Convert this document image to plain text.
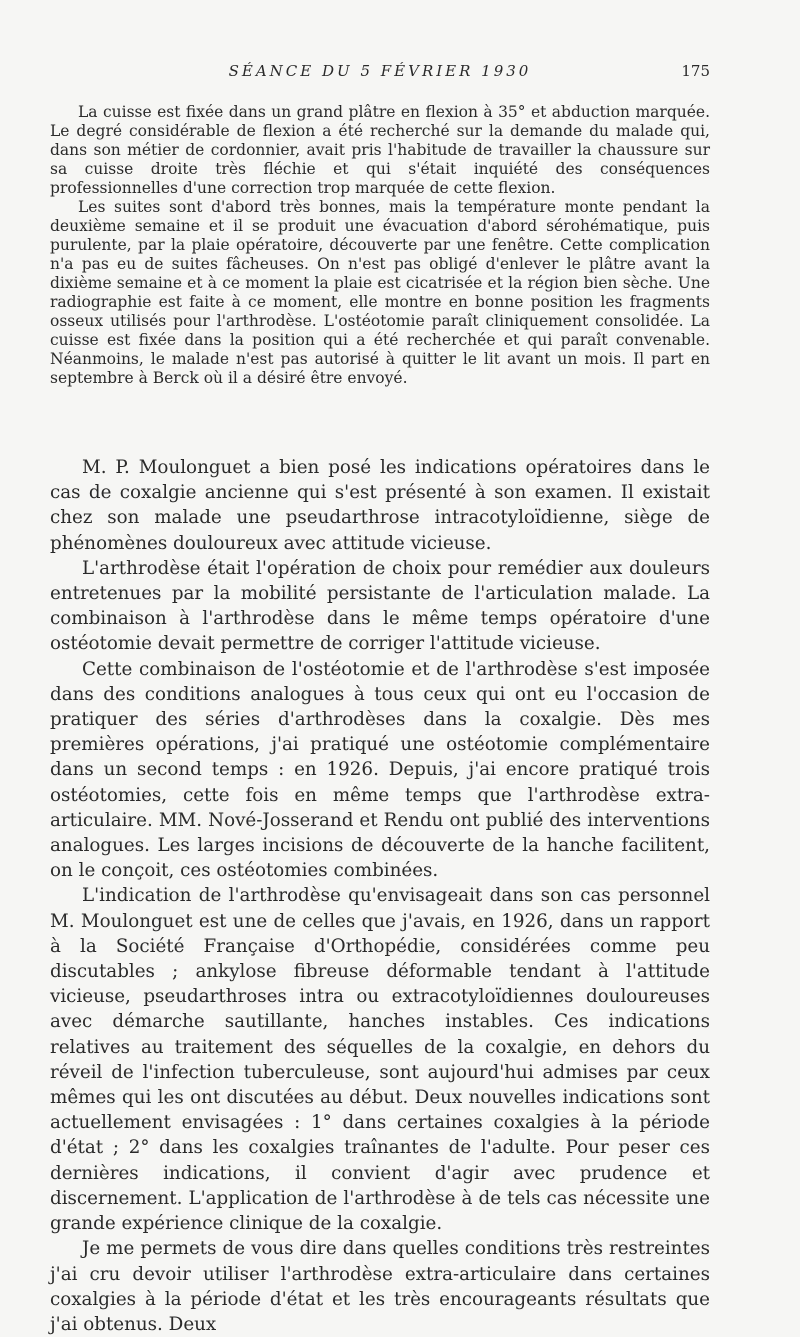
SÉANCE DU 5 FÉVRIER 1930	175

La cuisse est fixée dans un grand plâtre en flexion à 35° et abduction marquée. Le degré considérable de flexion a été recherché sur la demande du malade qui, dans son métier de cordonnier, avait pris l'habitude de travailler la chaussure sur sa cuisse droite très fléchie et qui s'était inquiété des conséquences professionnelles d'une correction trop marquée de cette flexion.

Les suites sont d'abord très bonnes, mais la température monte pendant la deuxième semaine et il se produit une évacuation d'abord sérohématique, puis purulente, par la plaie opératoire, découverte par une fenêtre. Cette complication n'a pas eu de suites fâcheuses. On n'est pas obligé d'enlever le plâtre avant la dixième semaine et à ce moment la plaie est cicatrisée et la région bien sèche. Une radiographie est faite à ce moment, elle montre en bonne position les fragments osseux utilisés pour l'arthrodèse. L'ostéotomie paraît cliniquement consolidée. La cuisse est fixée dans la position qui a été recherchée et qui paraît convenable. Néanmoins, le malade n'est pas autorisé à quitter le lit avant un mois. Il part en septembre à Berck où il a désiré être envoyé.

M. P. Moulonguet a bien posé les indications opératoires dans le cas de coxalgie ancienne qui s'est présenté à son examen. Il existait chez son malade une pseudarthrose intracotyloïdienne, siège de phénomènes douloureux avec attitude vicieuse.

L'arthrodèse était l'opération de choix pour remédier aux douleurs entretenues par la mobilité persistante de l'articulation malade. La combinaison à l'arthrodèse dans le même temps opératoire d'une ostéotomie devait permettre de corriger l'attitude vicieuse.

Cette combinaison de l'ostéotomie et de l'arthrodèse s'est imposée dans des conditions analogues à tous ceux qui ont eu l'occasion de pratiquer des séries d'arthrodèses dans la coxalgie. Dès mes premières opérations, j'ai pratiqué une ostéotomie complémentaire dans un second temps : en 1926. Depuis, j'ai encore pratiqué trois ostéotomies, cette fois en même temps que l'arthrodèse extra-articulaire. MM. Nové-Josserand et Rendu ont publié des interventions analogues. Les larges incisions de découverte de la hanche facilitent, on le conçoit, ces ostéotomies combinées.

L'indication de l'arthrodèse qu'envisageait dans son cas personnel M. Moulonguet est une de celles que j'avais, en 1926, dans un rapport à la Société Française d'Orthopédie, considérées comme peu discutables ; ankylose fibreuse déformable tendant à l'attitude vicieuse, pseudarthroses intra ou extracotyloïdiennes douloureuses avec démarche sautillante, hanches instables. Ces indications relatives au traitement des séquelles de la coxalgie, en dehors du réveil de l'infection tuberculeuse, sont aujourd'hui admises par ceux mêmes qui les ont discutées au début. Deux nouvelles indications sont actuellement envisagées : 1° dans certaines coxalgies à la période d'état ; 2° dans les coxalgies traînantes de l'adulte. Pour peser ces dernières indications, il convient d'agir avec prudence et discernement. L'application de l'arthrodèse à de tels cas nécessite une grande expérience clinique de la coxalgie.

Je me permets de vous dire dans quelles conditions très restreintes j'ai cru devoir utiliser l'arthrodèse extra-articulaire dans certaines coxalgies à la période d'état et les très encourageants résultats que j'ai obtenus. Deux
